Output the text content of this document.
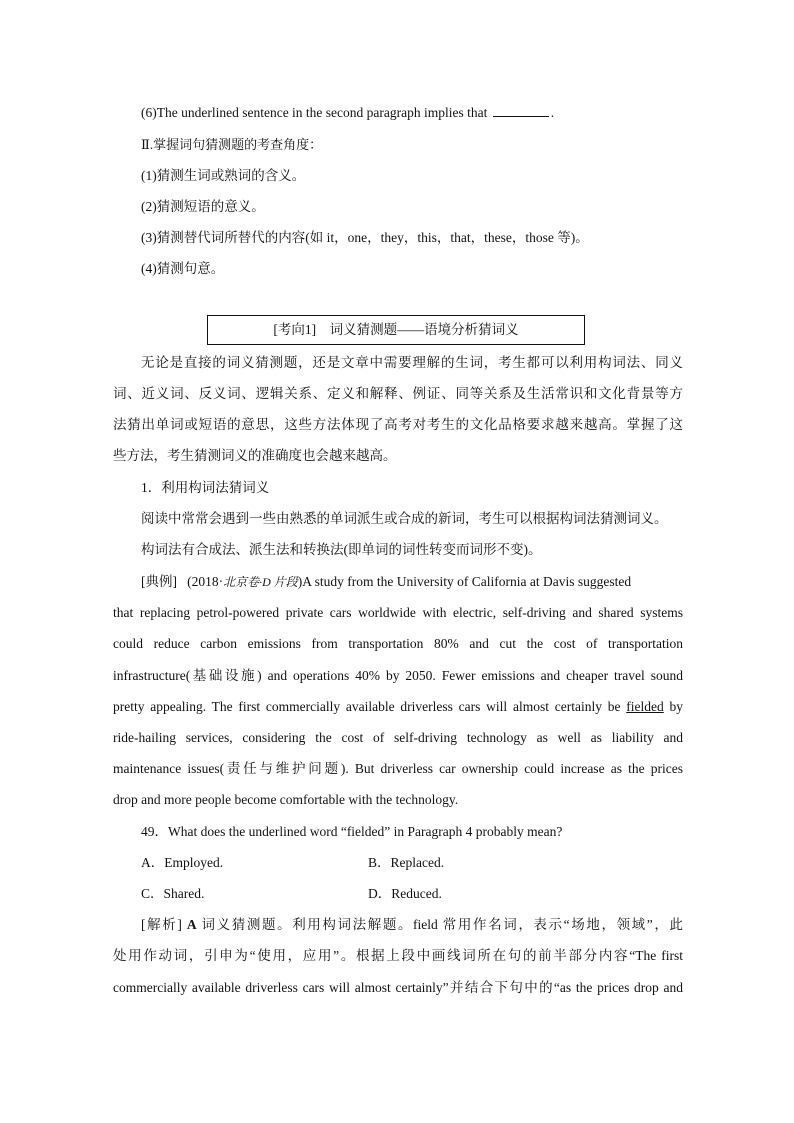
(6)The underlined sentence in the second paragraph implies that	.
Ⅱ.掌握词句猜测题的考查角度：
(1)猜测生词或熟词的含义。
(2)猜测短语的意义。
(3)猜测替代词所替代的内容(如 it，one，they，this，that，these，those 等)。
(4)猜测句意。
[考向1]　词义猜测题——语境分析猜词义
无论是直接的词义猜测题，还是文章中需要理解的生词，考生都可以利用构词法、同义
词、近义词、反义词、逻辑关系、定义和解释、例证、同等关系及生活常识和文化背景等方
法猜出单词或短语的意思，这些方法体现了高考对考生的文化品格要求越来越高。掌握了这
些方法，考生猜测词义的准确度也会越来越高。
1．利用构词法猜词义
阅读中常常会遇到一些由熟悉的单词派生或合成的新词，考生可以根据构词法猜测词义。
构词法有合成法、派生法和转换法(即单词的词性转变而词形不变)。
[典例] (2018·北京卷·D 片段)A study from the University of California at Davis suggested
that replacing petrol-powered private cars worldwide with electric, self‑driving and shared systems
could reduce carbon emissions from transportation 80% and cut the cost of transportation
infrastructure(基础设施) and operations 40% by 2050. Fewer emissions and cheaper travel sound
pretty appealing. The first commercially available driverless cars will almost certainly be fielded by
ride-hailing services, considering the cost of self‑driving technology as well as liability and
maintenance issues(责任与维护问题). But driverless car ownership could increase as the prices
drop and more people become comfortable with the technology.
49．What does the underlined word “fielded” in Paragraph 4 probably mean?
A．Employed.	B．Replaced.
C．Shared.	D．Reduced.
[解析] A 词义猜测题。利用构词法解题。field 常用作名词，表示“场地，领域”，此
处用作动词，引申为“使用，应用”。根据上段中画线词所在句的前半部分内容“The first
commercially available driverless cars will almost certainly”并结合下句中的“as the prices drop and
